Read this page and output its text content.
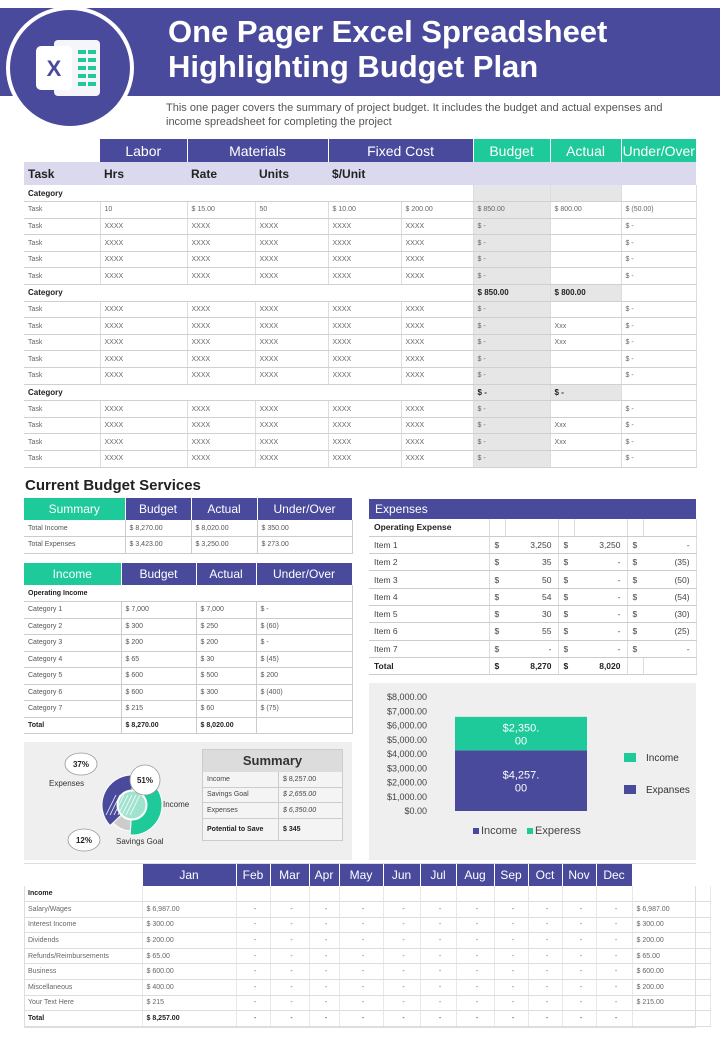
X
One Pager Excel Spreadsheet
Highlighting Budget Plan
This one pager covers the summary of project budget. It includes the budget and actual expenses and income spreadsheet for completing the project
	Labor	Materials		Fixed Cost		Budget	Actual	Under/Over
Task	Hrs	Rate	Units	$/Unit				
Category								
Task	10	$ 15.00	50	$ 10.00	$ 200.00	$ 850.00	$ 800.00	$ (50.00)
Task	XXXX	XXXX	XXXX	XXXX	XXXX	$ -		$ -
Task	XXXX	XXXX	XXXX	XXXX	XXXX	$ -		$ -
Task	XXXX	XXXX	XXXX	XXXX	XXXX	$ -		$ -
Task	XXXX	XXXX	XXXX	XXXX	XXXX	$ -		$ -
Category						$ 850.00	$ 800.00	
Task	XXXX	XXXX	XXXX	XXXX	XXXX	$ -		$ -
Task	XXXX	XXXX	XXXX	XXXX	XXXX	$ -	Xxx	$ -
Task	XXXX	XXXX	XXXX	XXXX	XXXX	$ -	Xxx	$ -
Task	XXXX	XXXX	XXXX	XXXX	XXXX	$ -		$ -
Task	XXXX	XXXX	XXXX	XXXX	XXXX	$ -		$ -
Category						$ -	$ -	
Task	XXXX	XXXX	XXXX	XXXX	XXXX	$ -		$ -
Task	XXXX	XXXX	XXXX	XXXX	XXXX	$ -	Xxx	$ -
Task	XXXX	XXXX	XXXX	XXXX	XXXX	$ -	Xxx	$ -
Task	XXXX	XXXX	XXXX	XXXX	XXXX	$ -		$ -
Current Budget Services
Summary	Budget	Actual	Under/Over
Total Income	$ 8,270.00	$ 8,020.00	$ 350.00
Total Expenses	$ 3,423.00	$ 3,250.00	$ 273.00
Income	Budget	Actual	Under/Over
Operating Income			
Category 1	$ 7,000	$ 7,000	$ -
Category 2	$ 300	$ 250	$ (60)
Category 3	$ 200	$ 200	$ -
Category 4	$ 65	$ 30	$ (45)
Category 5	$ 600	$ 500	$ 200
Category 6	$ 600	$ 300	$ (400)
Category 7	$ 215	$ 60	$ (75)
Total	$ 8,270.00	$ 8,020.00	
Expenses						
Operating Expense						
Item 1	$	3,250	$	3,250	$	-
Item 2	$	35	$	-	$	(35)
Item 3	$	50	$	-	$	(50)
Item 4	$	54	$	-	$	(54)
Item 5	$	30	$	-	$	(30)
Item 6	$	55	$	-	$	(25)
Item 7	$	-	$	-	$	-
Total	$	8,270	$	8,020		
51%
37%
12%
Expenses
Income
Savings Goal
Summary	
Income	$ 8,257.00
Savings Goal	$ 2,655.00
Expenses	$ 6,350.00
Potential to Save	$ 345
$0.00
$1,000.00
$2,000.00
$3,000.00
$4,000.00
$5,000.00
$6,000.00
$7,000.00
$8,000.00
$4,257.
00
$2,350.
00
Income Experess
Income
Expanses
	Jan	Feb	Mar	Apr	May	Jun	Jul	Aug	Sep	Oct	Nov	Dec	
Income													
Salary/Wages	$ 6,987.00	-	-	-	-	-	-	-	-	-	-	-	$ 6,987.00
Interest Income	$ 300.00	-	-	-	-	-	-	-	-	-	-	-	$ 300.00
Dividends	$ 200.00	-	-	-	-	-	-	-	-	-	-	-	$ 200.00
Refunds/Reimbursements	$ 65.00	-	-	-	-	-	-	-	-	-	-	-	$ 65.00
Business	$ 600.00	-	-	-	-	-	-	-	-	-	-	-	$ 600.00
Miscellaneous	$ 400.00	-	-	-	-	-	-	-	-	-	-	-	$ 200.00
Your Text Here	$ 215	-	-	-	-	-	-	-	-	-	-	-	$ 215.00
Total	$ 8,257.00	-	-	-	-	-	-	-	-	-	-	-	
